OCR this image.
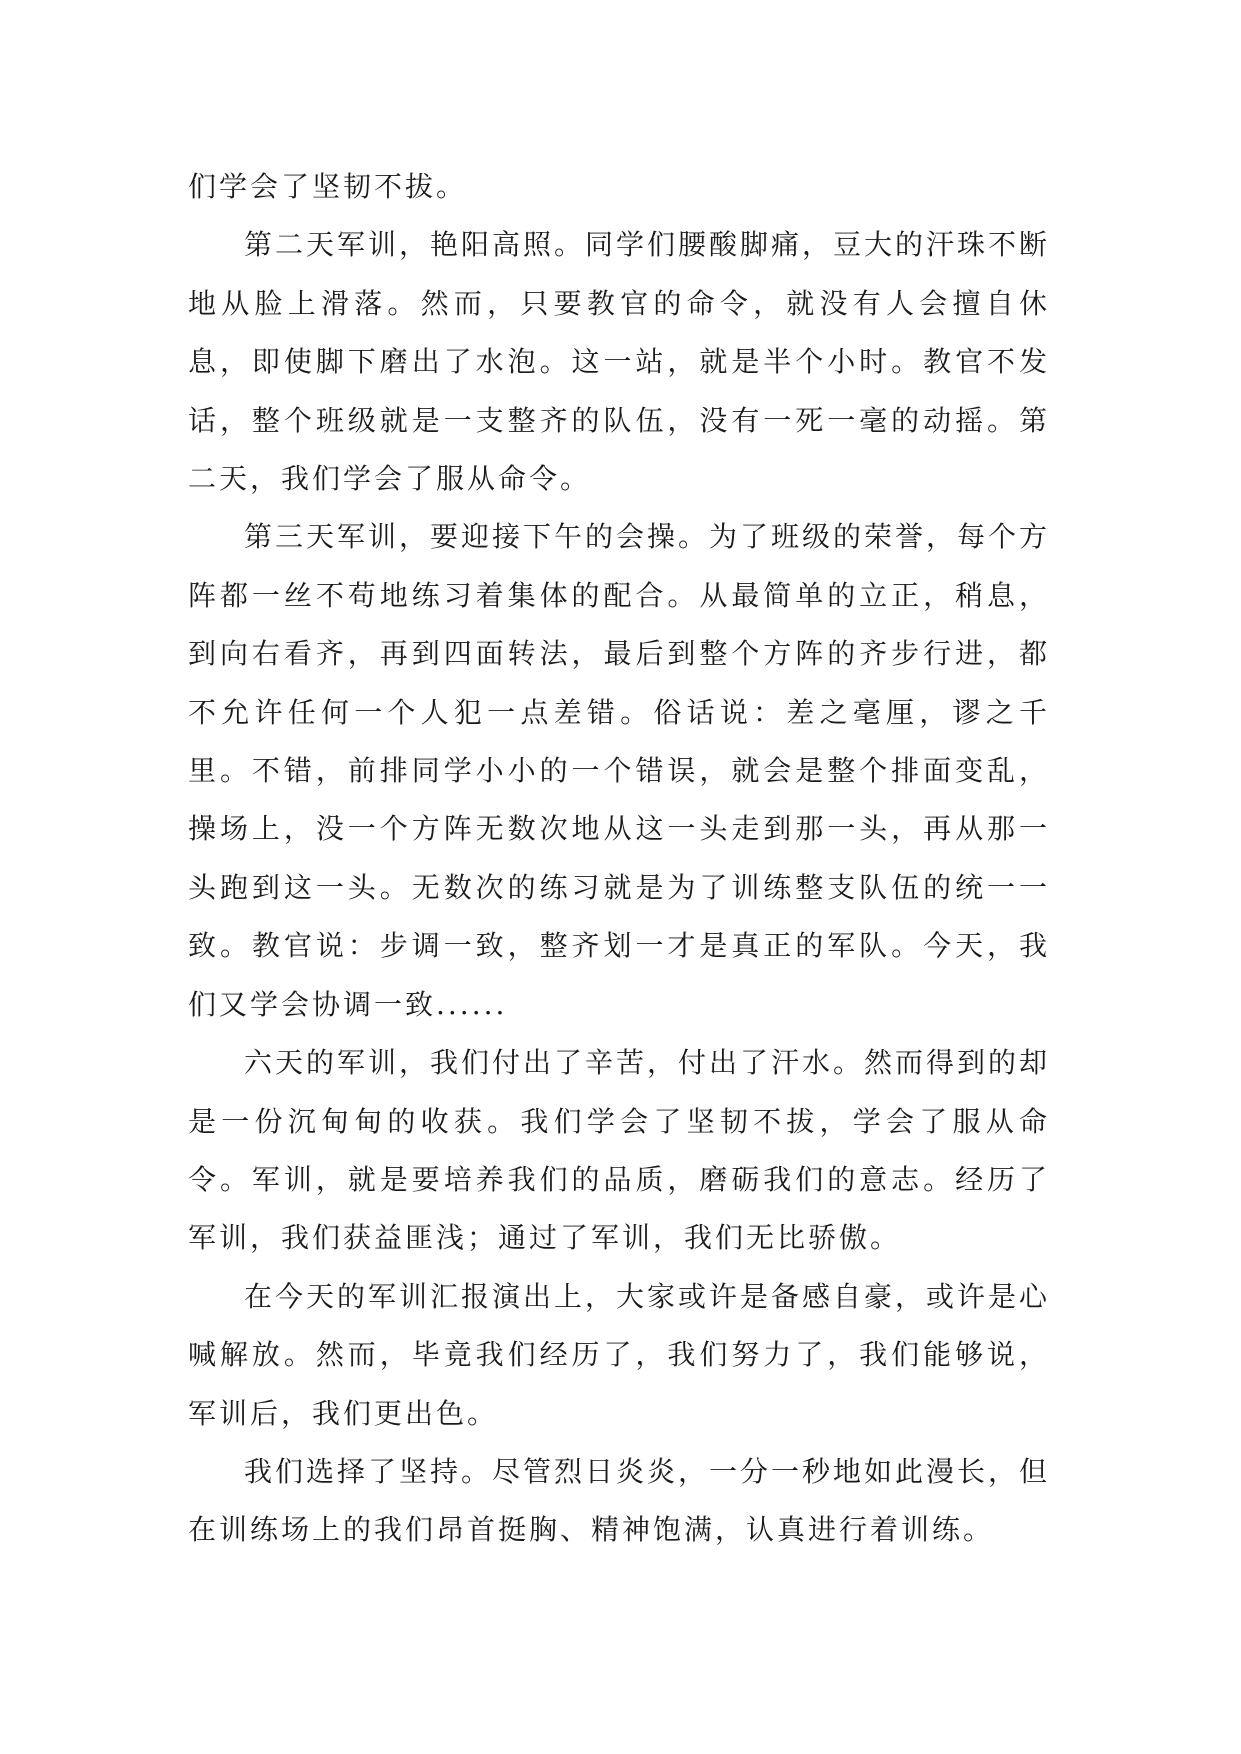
们学会了坚韧不拔。

第二天军训，艳阳高照。同学们腰酸脚痛，豆大的汗珠不断地从脸上滑落。然而，只要教官的命令，就没有人会擅自休息，即使脚下磨出了水泡。这一站，就是半个小时。教官不发话，整个班级就是一支整齐的队伍，没有一死一毫的动摇。第二天，我们学会了服从命令。

第三天军训，要迎接下午的会操。为了班级的荣誉，每个方阵都一丝不苟地练习着集体的配合。从最简单的立正，稍息，到向右看齐，再到四面转法，最后到整个方阵的齐步行进，都不允许任何一个人犯一点差错。俗话说：差之毫厘，谬之千里。不错，前排同学小小的一个错误，就会是整个排面变乱，操场上，没一个方阵无数次地从这一头走到那一头，再从那一头跑到这一头。无数次的练习就是为了训练整支队伍的统一一致。教官说：步调一致，整齐划一才是真正的军队。今天，我们又学会协调一致......

六天的军训，我们付出了辛苦，付出了汗水。然而得到的却是一份沉甸甸的收获。我们学会了坚韧不拔，学会了服从命令。军训，就是要培养我们的品质，磨砺我们的意志。经历了军训，我们获益匪浅；通过了军训，我们无比骄傲。

在今天的军训汇报演出上，大家或许是备感自豪，或许是心喊解放。然而，毕竟我们经历了，我们努力了，我们能够说，军训后，我们更出色。

我们选择了坚持。尽管烈日炎炎，一分一秒地如此漫长，但在训练场上的我们昂首挺胸、精神饱满，认真进行着训练。
